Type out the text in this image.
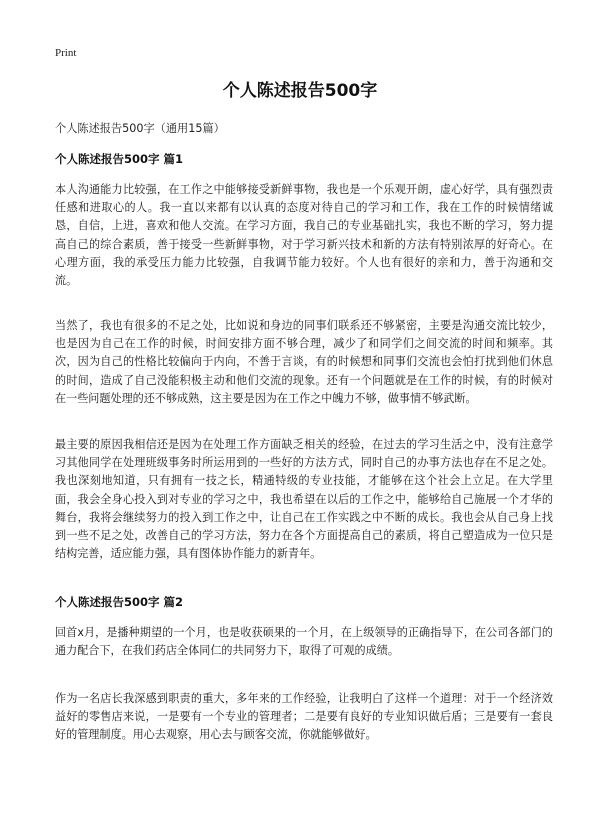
Print
个人陈述报告500字
个人陈述报告500字（通用15篇）
个人陈述报告500字 篇1

本人沟通能力比较强，在工作之中能够接受新鲜事物，我也是一个乐观开朗，虚心好学，具有强烈责任感和进取心的人。我一直以来都有以认真的态度对待自己的学习和工作，我在工作的时候情绪诚恳，自信，上进，喜欢和他人交流。在学习方面，我自己的专业基础扎实，我也不断的学习，努力提高自己的综合素质，善于接受一些新鲜事物，对于学习新兴技术和新的方法有特别浓厚的好奇心。在心理方面，我的承受压力能力比较强，自我调节能力较好。个人也有很好的亲和力，善于沟通和交流。

当然了，我也有很多的不足之处，比如说和身边的同事们联系还不够紧密，主要是沟通交流比较少，也是因为自己在工作的时候，时间安排方面不够合理，减少了和同学们之间交流的时间和频率。其次，因为自己的性格比较偏向于内向，不善于言谈，有的时候想和同事们交流也会怕打扰到他们休息的时间，造成了自己没能积极主动和他们交流的现象。还有一个问题就是在工作的时候，有的时候对在一些问题处理的还不够成熟，这主要是因为在工作之中魄力不够，做事情不够武断。

最主要的原因我相信还是因为在处理工作方面缺乏相关的经验，在过去的学习生活之中，没有注意学习其他同学在处理班级事务时所运用到的一些好的方法方式，同时自己的办事方法也存在不足之处。我也深刻地知道，只有拥有一技之长，精通特级的专业技能，才能够在这个社会上立足。在大学里面，我会全身心投入到对专业的学习之中，我也希望在以后的工作之中，能够给自己施展一个才华的舞台，我将会继续努力的投入到工作之中，让自己在工作实践之中不断的成长。我也会从自己身上找到一些不足之处，改善自己的学习方法，努力在各个方面提高自己的素质，将自己塑造成为一位只是结构完善，适应能力强，具有图体协作能力的新青年。

个人陈述报告500字 篇2

回首x月，是播种期望的一个月，也是收获硕果的一个月，在上级领导的正确指导下，在公司各部门的通力配合下，在我们药店全体同仁的共同努力下，取得了可观的成绩。

作为一名店长我深感到职责的重大，多年来的工作经验，让我明白了这样一个道理：对于一个经济效益好的零售店来说，一是要有一个专业的管理者；二是要有良好的专业知识做后盾；三是要有一套良好的管理制度。用心去观察，用心去与顾客交流，你就能够做好。
